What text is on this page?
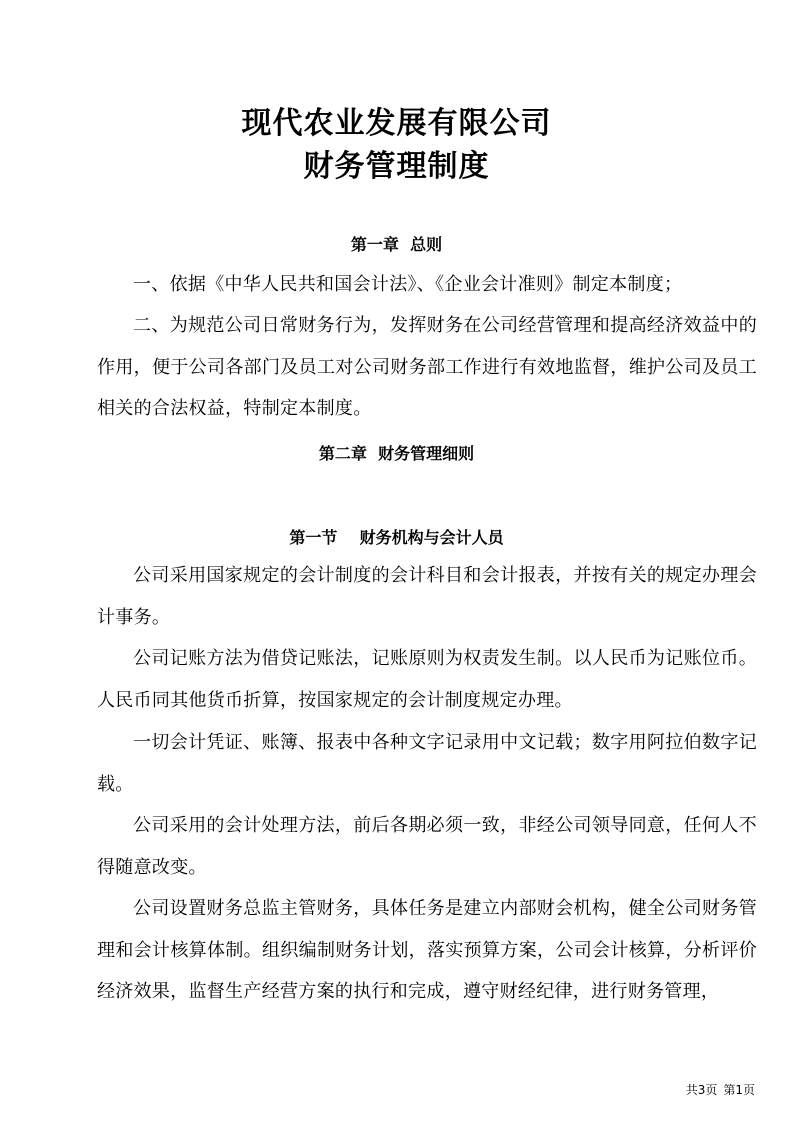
现代农业发展有限公司
财务管理制度
第一章  总则

一、依据《中华人民共和国会计法》、《企业会计准则》制定本制度；

二、为规范公司日常财务行为，发挥财务在公司经营管理和提高经济效益中的作用，便于公司各部门及员工对公司财务部工作进行有效地监督，维护公司及员工相关的合法权益，特制定本制度。

第二章  财务管理细则
第一节    财务机构与会计人员

公司采用国家规定的会计制度的会计科目和会计报表，并按有关的规定办理会计事务。

公司记账方法为借贷记账法，记账原则为权责发生制。以人民币为记账位币。人民币同其他货币折算，按国家规定的会计制度规定办理。

一切会计凭证、账簿、报表中各种文字记录用中文记载；数字用阿拉伯数字记载。

公司采用的会计处理方法，前后各期必须一致，非经公司领导同意，任何人不得随意改变。

公司设置财务总监主管财务，具体任务是建立内部财会机构，健全公司财务管理和会计核算体制。组织编制财务计划，落实预算方案，公司会计核算，分析评价经济效果，监督生产经营方案的执行和完成，遵守财经纪律，进行财务管理，

共3页 第1页
